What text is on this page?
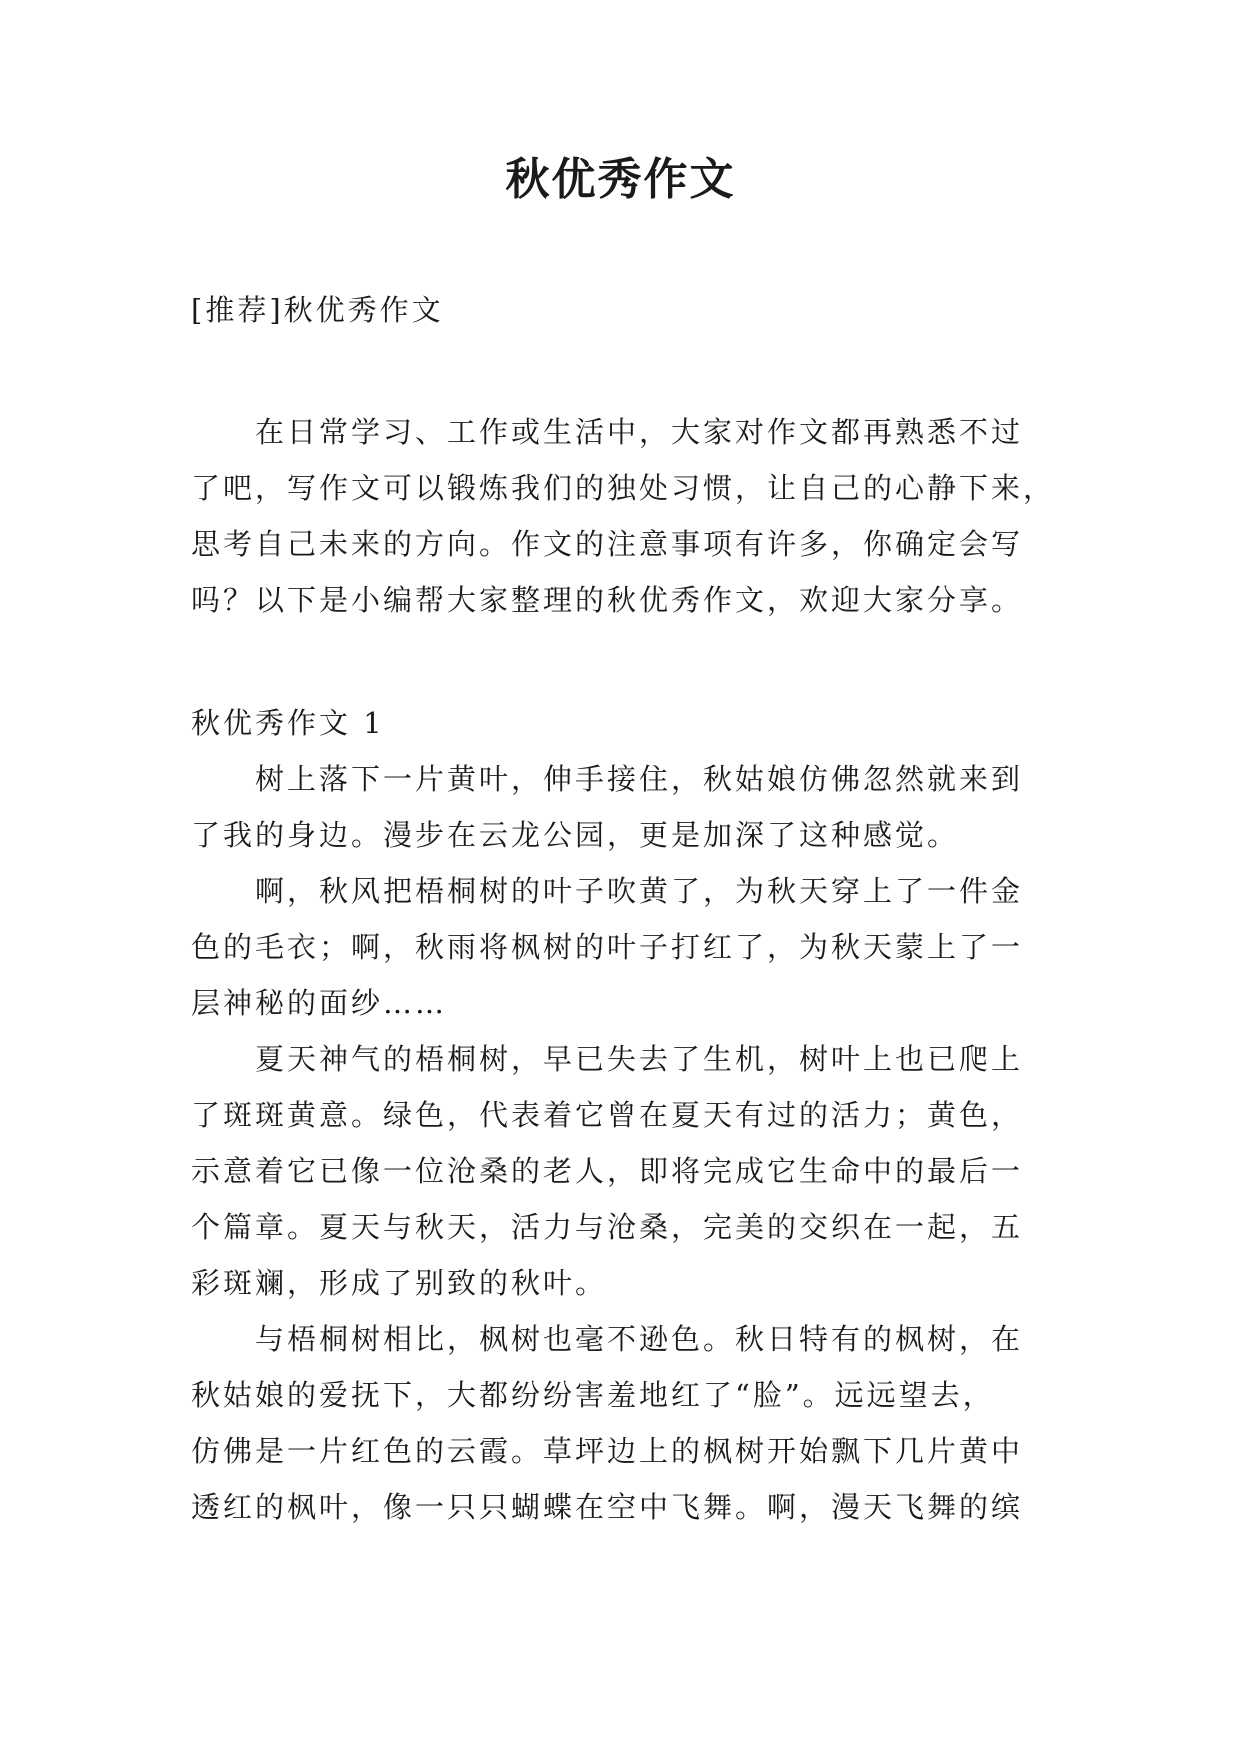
秋优秀作文
[推荐]秋优秀作文
在日常学习、工作或生活中，大家对作文都再熟悉不过
了吧，写作文可以锻炼我们的独处习惯，让自己的心静下来，
思考自己未来的方向。作文的注意事项有许多，你确定会写
吗？以下是小编帮大家整理的秋优秀作文，欢迎大家分享。
秋优秀作文 1

树上落下一片黄叶，伸手接住，秋姑娘仿佛忽然就来到
了我的身边。漫步在云龙公园，更是加深了这种感觉。

啊，秋风把梧桐树的叶子吹黄了，为秋天穿上了一件金
色的毛衣；啊，秋雨将枫树的叶子打红了，为秋天蒙上了一
层神秘的面纱……

夏天神气的梧桐树，早已失去了生机，树叶上也已爬上
了斑斑黄意。绿色，代表着它曾在夏天有过的活力；黄色，
示意着它已像一位沧桑的老人，即将完成它生命中的最后一
个篇章。夏天与秋天，活力与沧桑，完美的交织在一起，五
彩斑斓，形成了别致的秋叶。

与梧桐树相比，枫树也毫不逊色。秋日特有的枫树，在
秋姑娘的爱抚下，大都纷纷害羞地红了“脸”。远远望去，
仿佛是一片红色的云霞。草坪边上的枫树开始飘下几片黄中
透红的枫叶，像一只只蝴蝶在空中飞舞。啊，漫天飞舞的缤
